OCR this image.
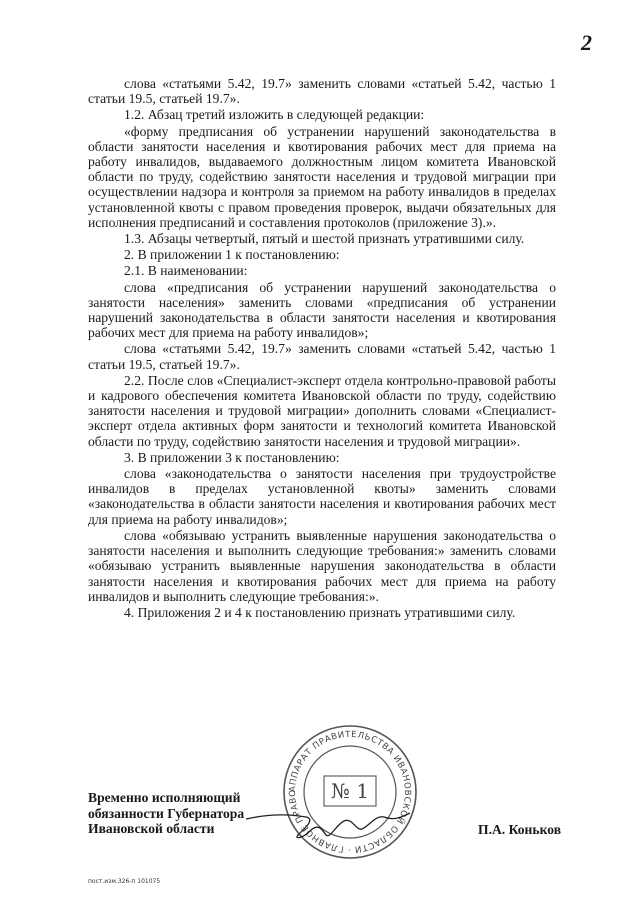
2

слова «статьями 5.42, 19.7» заменить словами «статьей 5.42, частью 1 статьи 19.5, статьей 19.7».

1.2. Абзац третий изложить в следующей редакции:

«форму предписания об устранении нарушений законодательства в области занятости населения и квотирования рабочих мест для приема на работу инвалидов, выдаваемого должностным лицом комитета Ивановской области по труду, содействию занятости населения и трудовой миграции при осуществлении надзора и контроля за приемом на работу инвалидов в пределах установленной квоты с правом проведения проверок, выдачи обязательных для исполнения предписаний и составления протоколов (приложение 3).».

1.3. Абзацы четвертый, пятый и шестой признать утратившими силу.

2. В приложении 1 к постановлению:

2.1. В наименовании:

слова «предписания об устранении нарушений законодательства о занятости населения» заменить словами «предписания об устранении нарушений законодательства в области занятости населения и квотирования рабочих мест для приема на работу инвалидов»;

слова «статьями 5.42, 19.7» заменить словами «статьей 5.42, частью 1 статьи 19.5, статьей 19.7».

2.2. После слов «Специалист-эксперт отдела контрольно-правовой работы и кадрового обеспечения комитета Ивановской области по труду, содействию занятости населения и трудовой миграции» дополнить словами «Специалист-эксперт отдела активных форм занятости и технологий комитета Ивановской области по труду, содействию занятости населения и трудовой миграции».

3. В приложении 3 к постановлению:

слова «законодательства о занятости населения при трудоустройстве инвалидов в пределах установленной квоты» заменить словами «законодательства в области занятости населения и квотирования рабочих мест для приема на работу инвалидов»;

слова «обязываю устранить выявленные нарушения законодательства о занятости населения и выполнить следующие требования:» заменить словами «обязываю устранить выявленные нарушения законодательства в области занятости населения и квотирования рабочих мест для приема на работу инвалидов и выполнить следующие требования:».

4. Приложения 2 и 4 к постановлению признать утратившими силу.

Временно исполняющий
обязанности Губернатора
Ивановской области
АППАРАТ ПРАВИТЕЛЬСТВА ИВАНОВСКОЙ ОБЛАСТИ · ГЛАВНОЕ ПРАВО	№ 1
П.А. Коньков
пост.изм.326-п 101075
